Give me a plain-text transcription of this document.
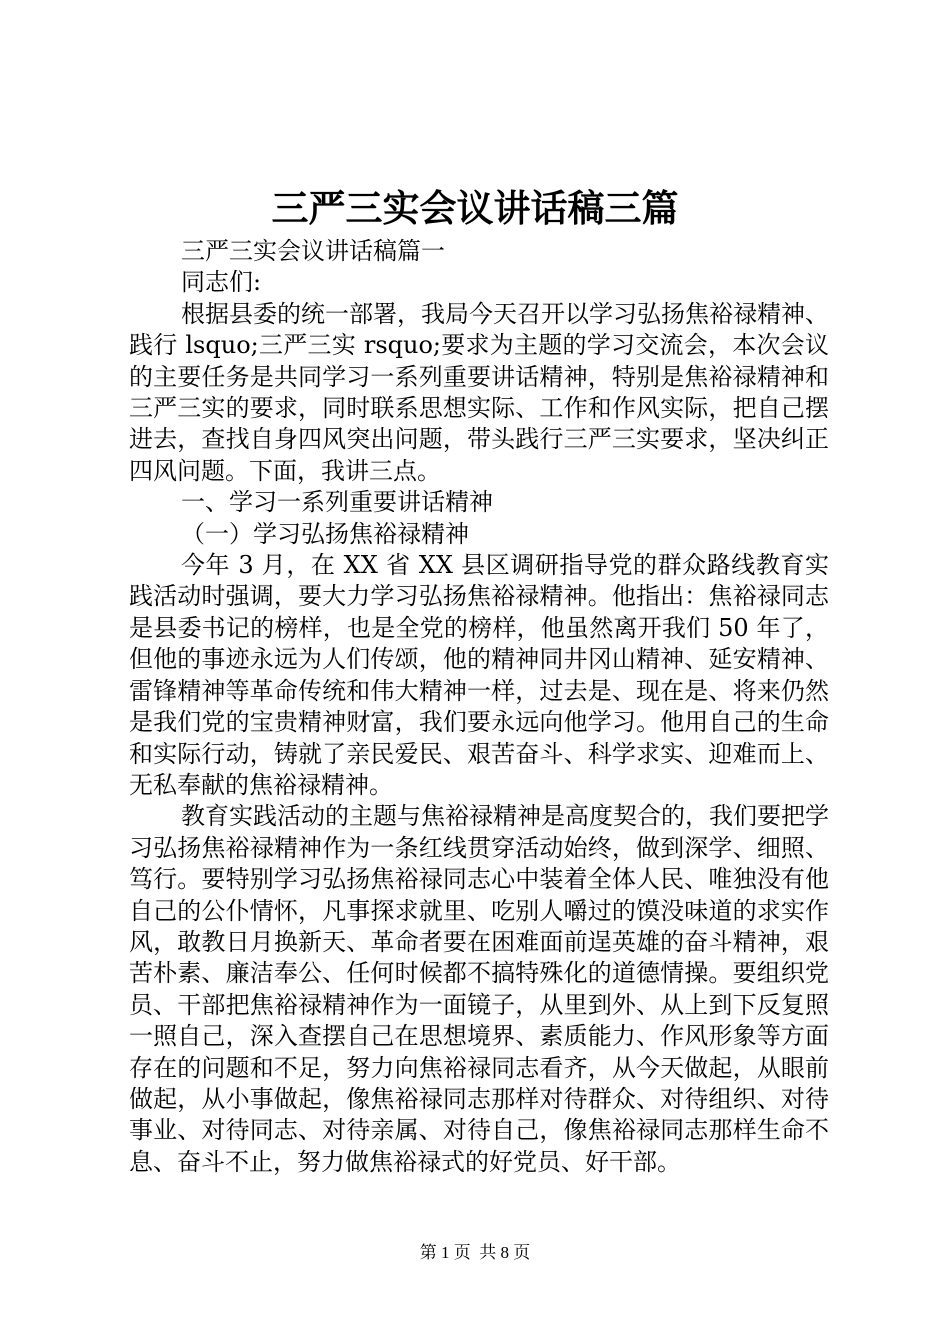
三严三实会议讲话稿三篇

三严三实会议讲话稿篇一

同志们:

根据县委的统一部署，我局今天召开以学习弘扬焦裕禄精神、践行 lsquo;三严三实 rsquo;要求为主题的学习交流会，本次会议的主要任务是共同学习一系列重要讲话精神，特别是焦裕禄精神和三严三实的要求，同时联系思想实际、工作和作风实际，把自己摆进去，查找自身四风突出问题，带头践行三严三实要求，坚决纠正四风问题。下面，我讲三点。

一、学习一系列重要讲话精神

（一）学习弘扬焦裕禄精神

今年 3 月，在 XX 省 XX 县区调研指导党的群众路线教育实践活动时强调，要大力学习弘扬焦裕禄精神。他指出：焦裕禄同志是县委书记的榜样，也是全党的榜样，他虽然离开我们 50 年了，但他的事迹永远为人们传颂，他的精神同井冈山精神、延安精神、雷锋精神等革命传统和伟大精神一样，过去是、现在是、将来仍然是我们党的宝贵精神财富，我们要永远向他学习。他用自己的生命和实际行动，铸就了亲民爱民、艰苦奋斗、科学求实、迎难而上、无私奉献的焦裕禄精神。

教育实践活动的主题与焦裕禄精神是高度契合的，我们要把学习弘扬焦裕禄精神作为一条红线贯穿活动始终，做到深学、细照、笃行。要特别学习弘扬焦裕禄同志心中装着全体人民、唯独没有他自己的公仆情怀，凡事探求就里、吃别人嚼过的馍没味道的求实作风，敢教日月换新天、革命者要在困难面前逞英雄的奋斗精神，艰苦朴素、廉洁奉公、任何时候都不搞特殊化的道德情操。要组织党员、干部把焦裕禄精神作为一面镜子，从里到外、从上到下反复照一照自己，深入查摆自己在思想境界、素质能力、作风形象等方面存在的问题和不足，努力向焦裕禄同志看齐，从今天做起，从眼前做起，从小事做起，像焦裕禄同志那样对待群众、对待组织、对待事业、对待同志、对待亲属、对待自己，像焦裕禄同志那样生命不息、奋斗不止，努力做焦裕禄式的好党员、好干部。

第 1 页  共 8 页
